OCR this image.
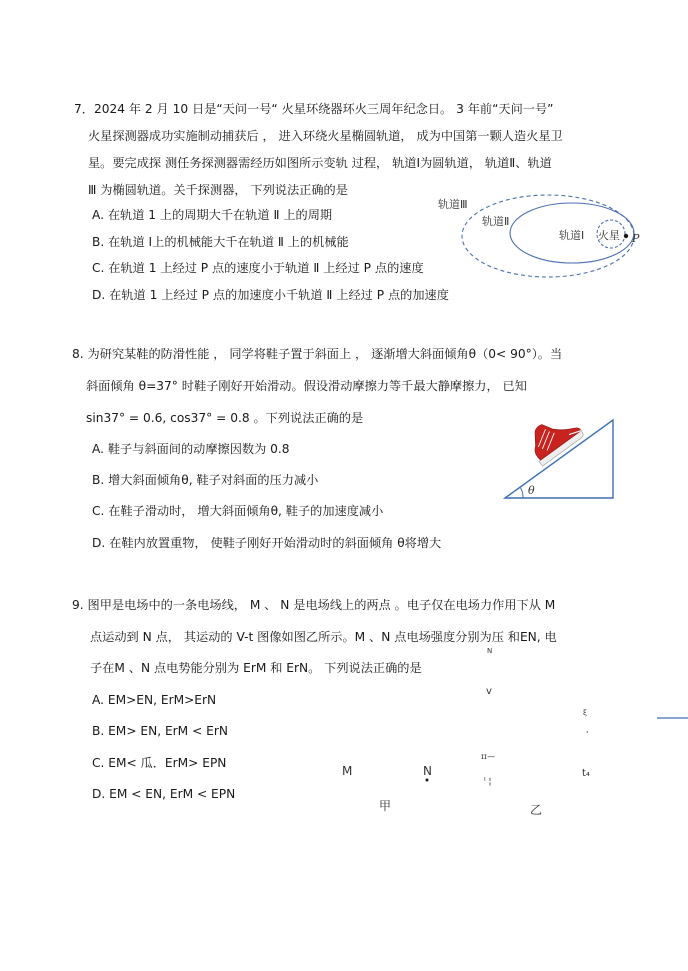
7．2024 年 2 月 10 日是“天问一号“ 火星环绕器环火三周年纪念日。 3 年前“天问一号”
火星探测器成功实施制动捕获后 ， 进入环绕火星椭圆轨道， 成为中国第一颗人造火星卫
星。要完成探 测任务探测器需经历如图所示变轨 过程， 轨道Ⅰ为圆轨道， 轨道Ⅱ、轨道
Ⅲ 为椭圆轨道。关千探测器， 下列说法正确的是
A. 在轨道 1 上的周期大千在轨道 Ⅱ 上的周期
B. 在轨道 Ⅰ上的机械能大千在轨道 Ⅱ 上的机械能
C. 在轨道 1 上经过 P 点的速度小于轨道 Ⅱ 上经过 P 点的速度
D. 在轨道 1 上经过 P 点的加速度小千轨道 Ⅱ 上经过 P 点的加速度
轨道Ⅲ
轨道Ⅱ
轨道Ⅰ 火星 P
8. 为研究某鞋的防滑性能 ， 同学将鞋子置于斜面上 ， 逐渐增大斜面倾角θ（0< 90°）。当
斜面倾角 θ=37° 时鞋子刚好开始滑动。假设滑动摩擦力等千最大静摩擦力， 已知
sin37° = 0.6, cos37° = 0.8 。下列说法正确的是
A. 鞋子与斜面间的动摩擦因数为 0.8
B. 增大斜面倾角θ, 鞋子对斜面的压力减小
C. 在鞋子滑动时， 增大斜面倾角θ, 鞋子的加速度减小
D. 在鞋内放置重物， 使鞋子刚好开始滑动时的斜面倾角 θ将增大
θ
9. 图甲是电场中的一条电场线， M 、 N 是电场线上的两点 。电子仅在电场力作用下从 M
点运动到 N 点， 其运动的 V-t 图像如图乙所示。M 、N 点电场强度分别为压 和EN, 电
子在M 、N 点电势能分别为 ErM 和 ErN。 下列说法正确的是
A. EM>EN, ErM>ErN
B. EM> EN, ErM < ErN
C. EM< 瓜．ErM> EPN
D. EM < EN, ErM < EPN
M	N
甲	乙
N
v
ξ
,
ɪɪ—
ᴵ ¦
t₄
